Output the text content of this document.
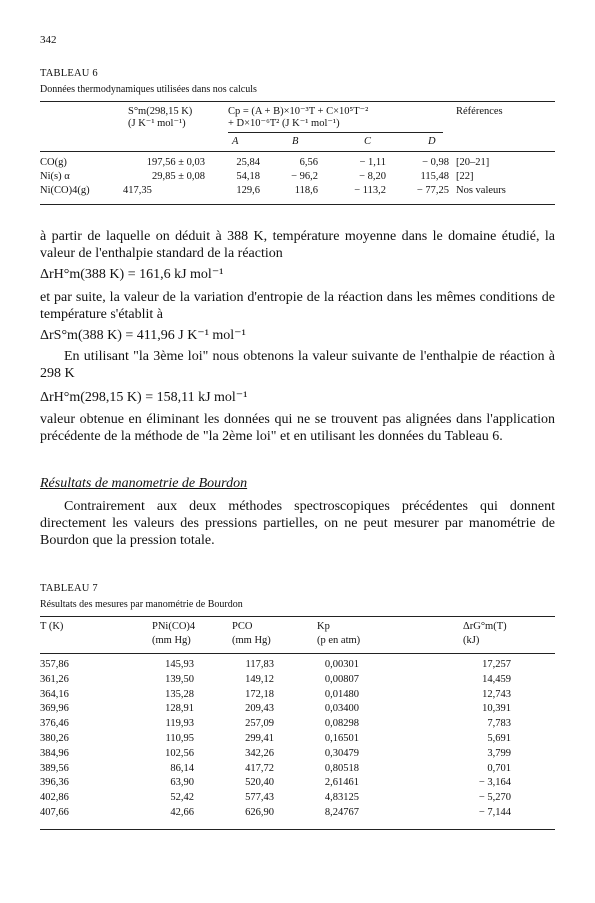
342
TABLEAU 6
Données thermodynamiques utilisées dans nos calculs
S°m(298,15 K)
(J K⁻¹ mol⁻¹)
Cp = (A + B)×10⁻³T + C×10⁵T⁻²
+ D×10⁻⁶T² (J K⁻¹ mol⁻¹)
Références
A	B	C	D
CO(g)	197,56 ± 0,03	25,84	6,56	− 1,11	− 0,98 [20–21]
Ni(s) α	29,85 ± 0,08	54,18	− 96,2	− 8,20	115,48 [22]
Ni(CO)4(g)	417,35	129,6	118,6	− 113,2	− 77,25 Nos valeurs
à partir de laquelle on déduit à 388 K, température moyenne dans le domaine étudié, la valeur de l'enthalpie standard de la réaction
ΔrH°m(388 K) = 161,6 kJ mol⁻¹
et par suite, la valeur de la variation d'entropie de la réaction dans les mêmes conditions de température s'établit à
ΔrS°m(388 K) = 411,96 J K⁻¹ mol⁻¹
En utilisant "la 3ème loi" nous obtenons la valeur suivante de l'enthalpie de réaction à 298 K
ΔrH°m(298,15 K) = 158,11 kJ mol⁻¹
valeur obtenue en éliminant les données qui ne se trouvent pas alignées dans l'application précédente de la méthode de "la 2ème loi" et en utilisant les données du Tableau 6.
Résultats de manometrie de Bourdon
Contrairement aux deux méthodes spectroscopiques précédentes qui donnent directement les valeurs des pressions partielles, on ne peut mesurer par manométrie de Bourdon que la pression totale.
TABLEAU 7
Résultats des mesures par manométrie de Bourdon
T (K)	PNi(CO)4
(mm Hg)
PCO
(mm Hg)
Kp
(p en atm)
ΔrG°m(T)
(kJ)
357,86	145,93	117,83	0,00301	17,257
361,26	139,50	149,12	0,00807	14,459
364,16	135,28	172,18	0,01480	12,743
369,96	128,91	209,43	0,03400	10,391
376,46	119,93	257,09	0,08298	7,783
380,26	110,95	299,41	0,16501	5,691
384,96	102,56	342,26	0,30479	3,799
389,56	86,14	417,72	0,80518	0,701
396,36	63,90	520,40	2,61461	− 3,164
402,86	52,42	577,43	4,83125	− 5,270
407,66	42,66	626,90	8,24767	− 7,144
